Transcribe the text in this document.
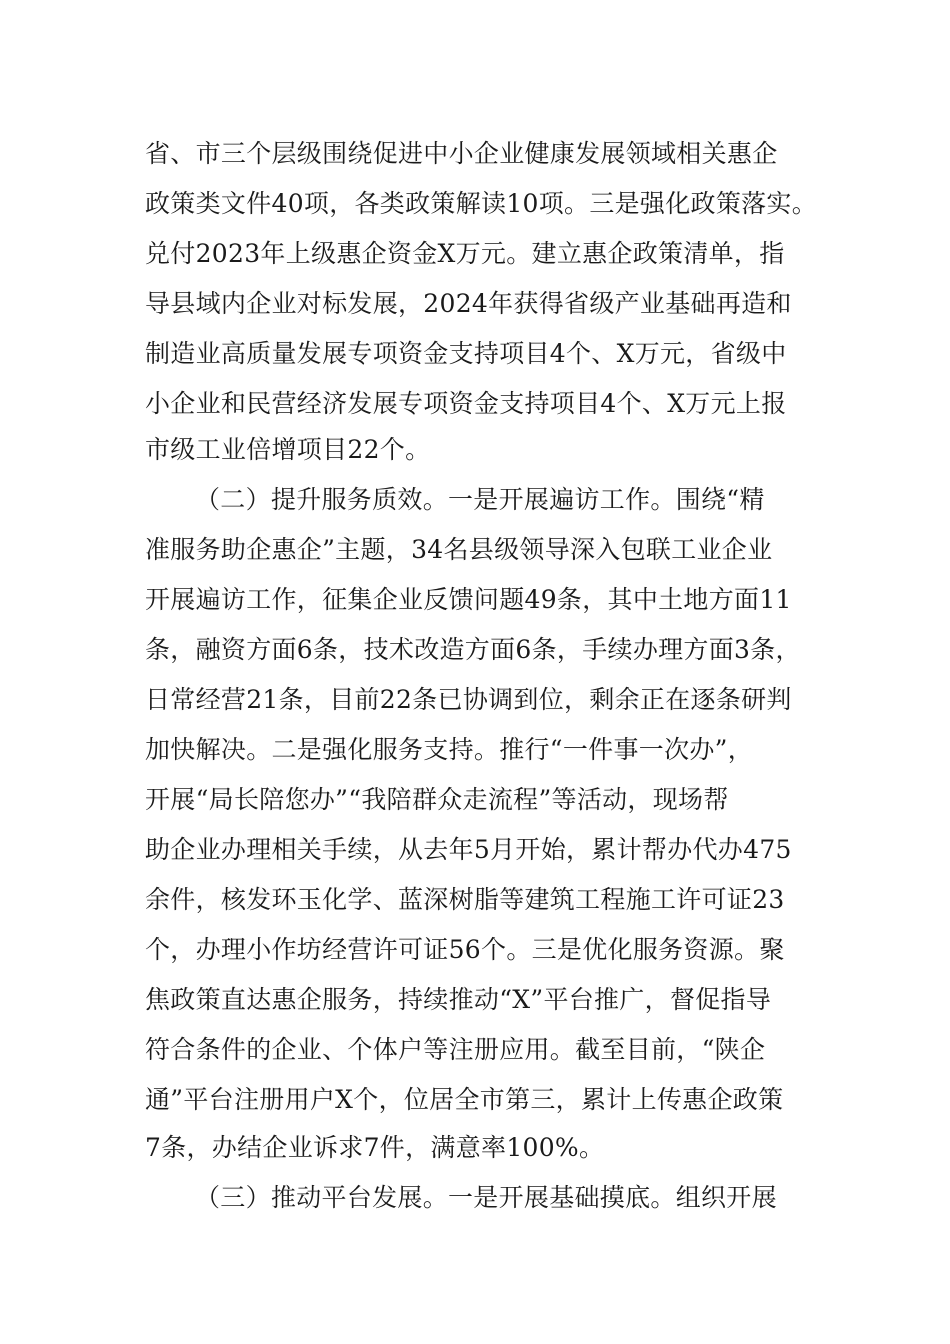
省、市三个层级围绕促进中小企业健康发展领域相关惠企
政策类文件40项，各类政策解读10项。三是强化政策落实。
兑付2023年上级惠企资金X万元。建立惠企政策清单，指
导县域内企业对标发展，2024年获得省级产业基础再造和
制造业高质量发展专项资金支持项目4个、X万元，省级中
小企业和民营经济发展专项资金支持项目4个、X万元上报
市级工业倍增项目22个。
（二）提升服务质效。一是开展遍访工作。围绕“精
准服务助企惠企”主题，34名县级领导深入包联工业企业
开展遍访工作，征集企业反馈问题49条，其中土地方面11
条，融资方面6条，技术改造方面6条，手续办理方面3条，
日常经营21条，目前22条已协调到位，剩余正在逐条研判
加快解决。二是强化服务支持。推行“一件事一次办”，
开展“局长陪您办”“我陪群众走流程”等活动，现场帮
助企业办理相关手续，从去年5月开始，累计帮办代办475
余件，核发环玉化学、蓝深树脂等建筑工程施工许可证23
个，办理小作坊经营许可证56个。三是优化服务资源。聚
焦政策直达惠企服务，持续推动“X”平台推广，督促指导
符合条件的企业、个体户等注册应用。截至目前，“陕企
通”平台注册用户X个，位居全市第三，累计上传惠企政策
7条，办结企业诉求7件，满意率100%。
（三）推动平台发展。一是开展基础摸底。组织开展
